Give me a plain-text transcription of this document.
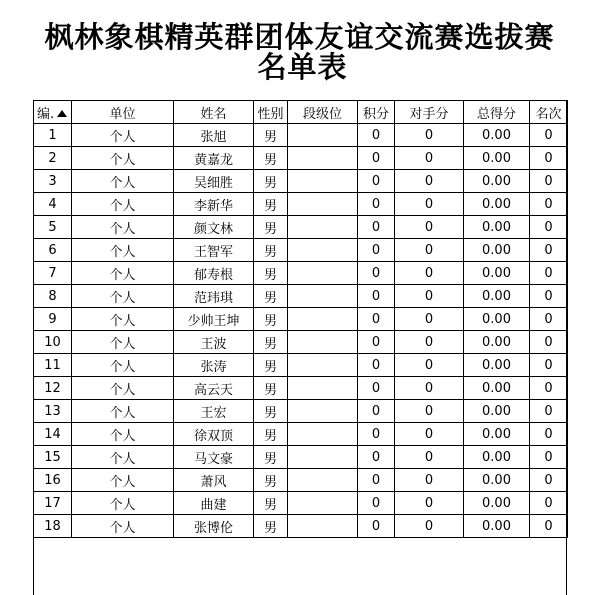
枫林象棋精英群团体友谊交流赛选拔赛
名单表
编.	单位	姓名	性别	段级位	积分	对手分	总得分	名次
1	个人	张旭	男		0	0	0.00	0
2	个人	黄嘉龙	男		0	0	0.00	0
3	个人	吴细胜	男		0	0	0.00	0
4	个人	李新华	男		0	0	0.00	0
5	个人	颜文林	男		0	0	0.00	0
6	个人	王智军	男		0	0	0.00	0
7	个人	郁寿根	男		0	0	0.00	0
8	个人	范玮琪	男		0	0	0.00	0
9	个人	少帅王坤	男		0	0	0.00	0
10	个人	王波	男		0	0	0.00	0
11	个人	张涛	男		0	0	0.00	0
12	个人	高云天	男		0	0	0.00	0
13	个人	王宏	男		0	0	0.00	0
14	个人	徐双顶	男		0	0	0.00	0
15	个人	马文豪	男		0	0	0.00	0
16	个人	萧风	男		0	0	0.00	0
17	个人	曲建	男		0	0	0.00	0
18	个人	张博伦	男		0	0	0.00	0
